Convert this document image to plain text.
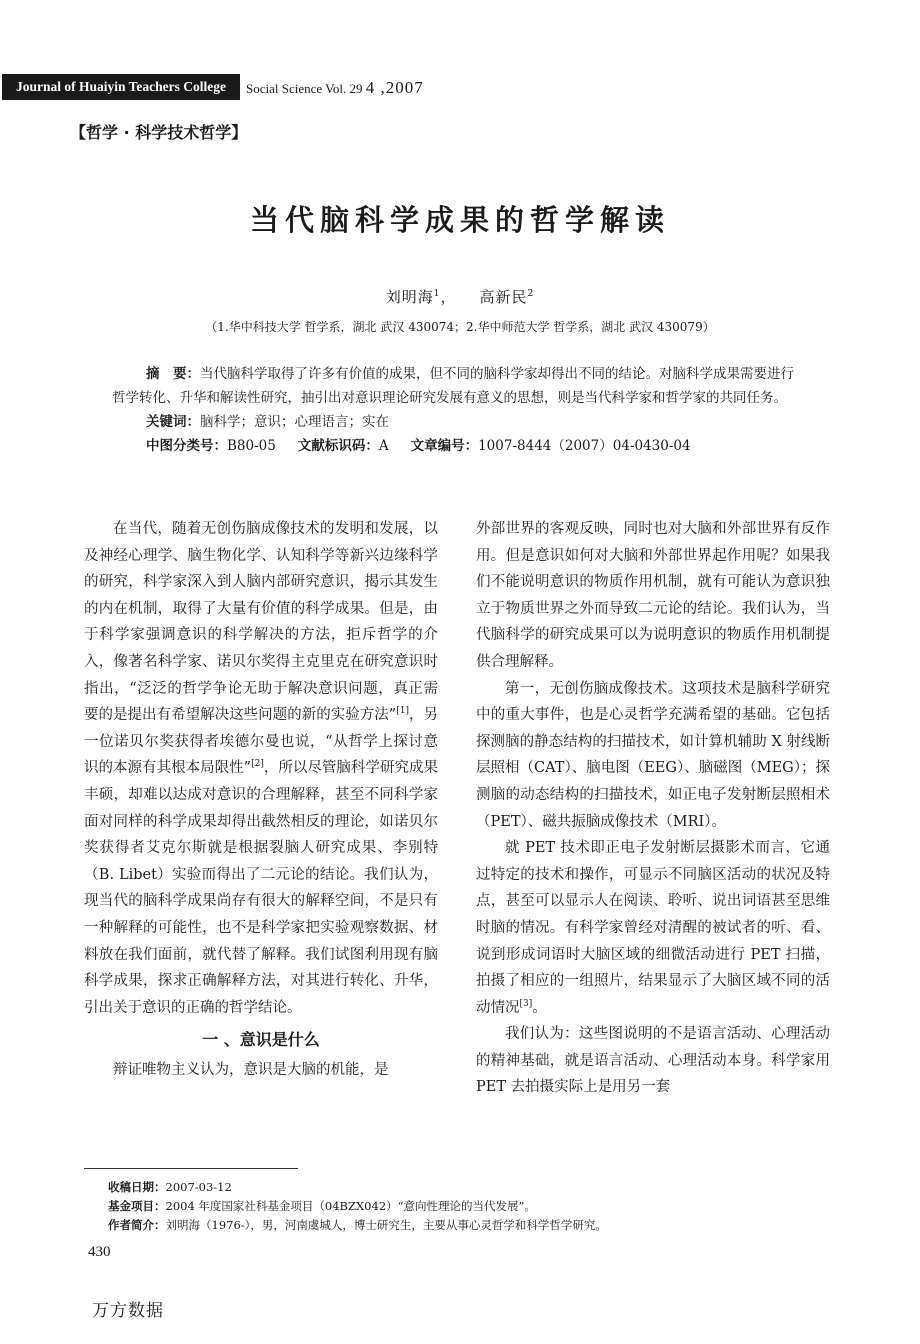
Journal of Huaiyin Teachers College	Social Science Vol. 29 4 ,2007
【哲学 · 科学技术哲学】
当代脑科学成果的哲学解读
刘明海$^1$，    高新民$^2$
（1.华中科技大学 哲学系，湖北 武汉 430074；2.华中师范大学 哲学系，湖北 武汉 430079）

摘　要：当代脑科学取得了许多有价值的成果，但不同的脑科学家却得出不同的结论。对脑科学成果需要进行哲学转化、升华和解读性研究，抽引出对意识理论研究发展有意义的思想，则是当代科学家和哲学家的共同任务。

关键词：脑科学；意识；心理语言；实在

中图分类号：B80-05 文献标识码：A 文章编号：1007-8444（2007）04-0430-04

在当代，随着无创伤脑成像技术的发明和发展，以及神经心理学、脑生物化学、认知科学等新兴边缘科学的研究，科学家深入到人脑内部研究意识，揭示其发生的内在机制，取得了大量有价值的科学成果。但是，由于科学家强调意识的科学解决的方法，拒斥哲学的介入，像著名科学家、诺贝尔奖得主克里克在研究意识时指出，“泛泛的哲学争论无助于解决意识问题，真正需要的是提出有希望解决这些问题的新的实验方法”[1]，另一位诺贝尔奖获得者埃德尔曼也说，“从哲学上探讨意识的本源有其根本局限性”[2]，所以尽管脑科学研究成果丰硕，却难以达成对意识的合理解释，甚至不同科学家面对同样的科学成果却得出截然相反的理论，如诺贝尔奖获得者艾克尔斯就是根据裂脑人研究成果、李别特（B. Libet）实验而得出了二元论的结论。我们认为，现当代的脑科学成果尚存有很大的解释空间，不是只有一种解释的可能性，也不是科学家把实验观察数据、材料放在我们面前，就代替了解释。我们试图利用现有脑科学成果，探求正确解释方法，对其进行转化、升华，引出关于意识的正确的哲学结论。

一 、意识是什么

辩证唯物主义认为，意识是大脑的机能，是

外部世界的客观反映，同时也对大脑和外部世界有反作用。但是意识如何对大脑和外部世界起作用呢？如果我们不能说明意识的物质作用机制，就有可能认为意识独立于物质世界之外而导致二元论的结论。我们认为，当代脑科学的研究成果可以为说明意识的物质作用机制提供合理解释。

第一，无创伤脑成像技术。这项技术是脑科学研究中的重大事件，也是心灵哲学充满希望的基础。它包括探测脑的静态结构的扫描技术，如计算机辅助 X 射线断层照相（CAT）、脑电图（EEG）、脑磁图（MEG）；探测脑的动态结构的扫描技术，如正电子发射断层照相术（PET）、磁共振脑成像技术（MRI）。

就 PET 技术即正电子发射断层摄影术而言，它通过特定的技术和操作，可显示不同脑区活动的状况及特点，甚至可以显示人在阅读、聆听、说出词语甚至思维时脑的情况。有科学家曾经对清醒的被试者的听、看、说到形成词语时大脑区域的细微活动进行 PET 扫描，拍摄了相应的一组照片，结果显示了大脑区域不同的活动情况[3]。

我们认为：这些图说明的不是语言活动、心理活动的精神基础，就是语言活动、心理活动本身。科学家用 PET 去拍摄实际上是用另一套

收稿日期：2007-03-12

基金项目：2004 年度国家社科基金项目（04BZX042）“意向性理论的当代发展”。

作者简介：刘明海（1976-），男，河南虞城人，博士研究生，主要从事心灵哲学和科学哲学研究。

430
万方数据
